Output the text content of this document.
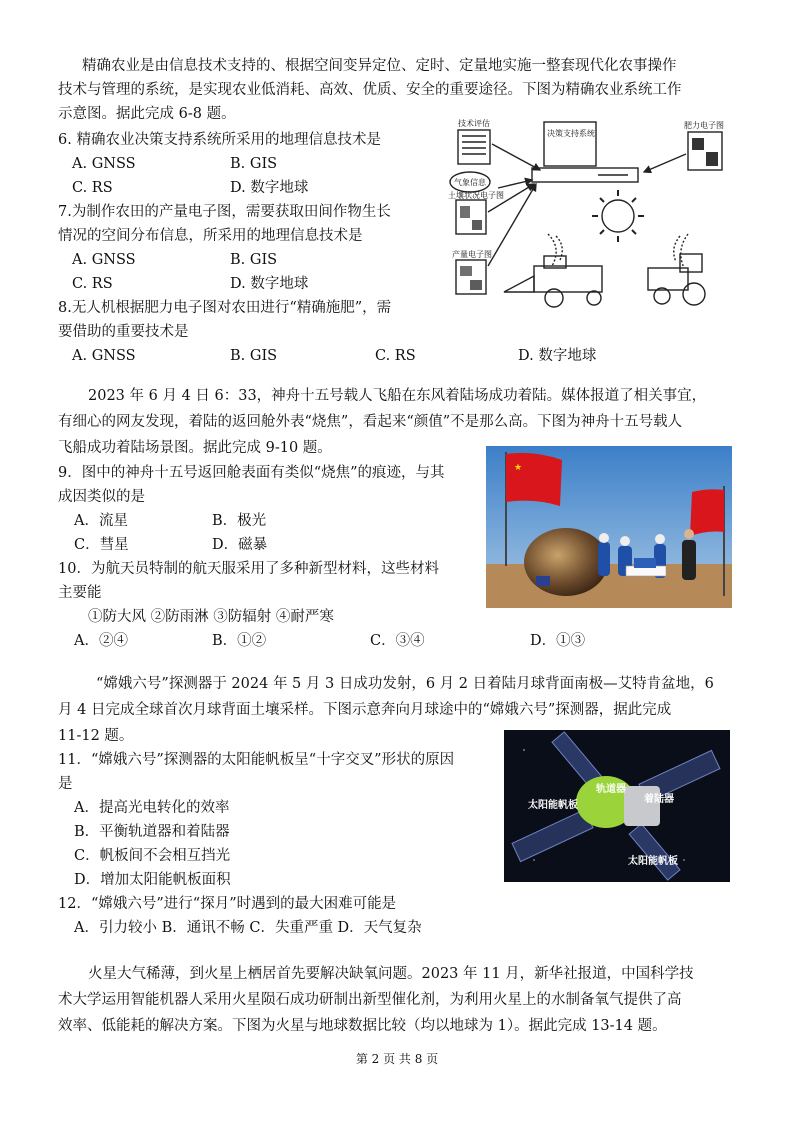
精确农业是由信息技术支持的、根据空间变异定位、定时、定量地实施一整套现代化农事操作
技术与管理的系统，是实现农业低消耗、高效、优质、安全的重要途径。下图为精确农业系统工作
示意图。据此完成 6-8 题。
6. 精确农业决策支持系统所采用的地理信息技术是
A. GNSS	B. GIS
C. RS	D. 数字地球
7.为制作农田的产量电子图，需要获取田间作物生长
情况的空间分布信息，所采用的地理信息技术是
A. GNSS	B. GIS
C. RS	D. 数字地球
8.无人机根据肥力电子图对农田进行“精确施肥”，需
要借助的重要技术是
A. GNSS	B. GIS	C. RS	D. 数字地球
技术评估
决策支持系统
肥力电子图
气象信息
土壤状况电子图
产量电子图
2023 年 6 月 4 日 6：33，神舟十五号载人飞船在东风着陆场成功着陆。媒体报道了相关事宜，
有细心的网友发现，着陆的返回舱外表“烧焦”，看起来“颜值”不是那么高。下图为神舟十五号载人
飞船成功着陆场景图。据此完成 9-10 题。
9．图中的神舟十五号返回舱表面有类似“烧焦”的痕迹，与其
成因类似的是
A．流星	B．极光
C．彗星	D．磁暴
10．为航天员特制的航天服采用了多种新型材料，这些材料
主要能
①防大风 ②防雨淋 ③防辐射 ④耐严寒
A．②④	B．①②	C．③④	D．①③
★
“嫦娥六号”探测器于 2024 年 5 月 3 日成功发射，6 月 2 日着陆月球背面南极—艾特肯盆地，6
月 4 日完成全球首次月球背面土壤采样。下图示意奔向月球途中的“嫦娥六号”探测器，据此完成
11-12 题。
11．“嫦娥六号”探测器的太阳能帆板呈“十字交叉”形状的原因
是
A．提高光电转化的效率
B．平衡轨道器和着陆器
C．帆板间不会相互挡光
D．增加太阳能帆板面积
轨道器
着陆器
太阳能帆板
太阳能帆板
12．“嫦娥六号”进行“探月”时遇到的最大困难可能是
A．引力较小 B．通讯不畅 C．失重严重 D．天气复杂
火星大气稀薄，到火星上栖居首先要解决缺氧问题。2023 年 11 月，新华社报道，中国科学技
术大学运用智能机器人采用火星陨石成功研制出新型催化剂，为利用火星上的水制备氧气提供了高
效率、低能耗的解决方案。下图为火星与地球数据比较（均以地球为 1）。据此完成 13-14 题。
第 2 页 共 8 页
